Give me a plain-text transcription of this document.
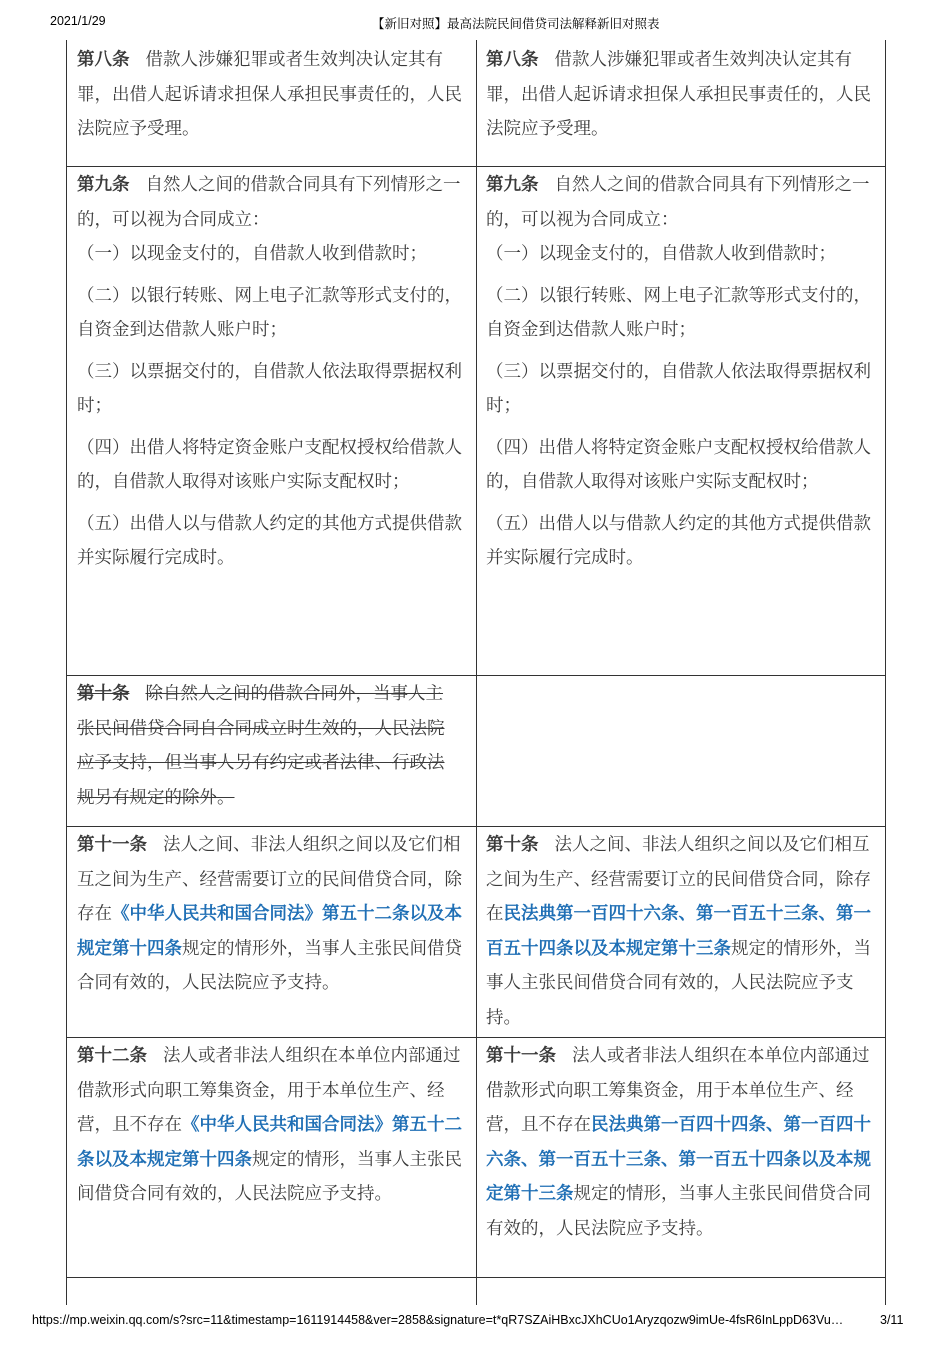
2021/1/29	【新旧对照】最高法院民间借贷司法解释新旧对照表

第八条 借款人涉嫌犯罪或者生效判决认定其有罪，出借人起诉请求担保人承担民事责任的，人民法院应予受理。

第八条 借款人涉嫌犯罪或者生效判决认定其有罪，出借人起诉请求担保人承担民事责任的，人民法院应予受理。

第九条 自然人之间的借款合同具有下列情形之一的，可以视为合同成立：

（一）以现金支付的，自借款人收到借款时；

（二）以银行转账、网上电子汇款等形式支付的，自资金到达借款人账户时；

（三）以票据交付的，自借款人依法取得票据权利时；

（四）出借人将特定资金账户支配权授权给借款人的，自借款人取得对该账户实际支配权时；

（五）出借人以与借款人约定的其他方式提供借款并实际履行完成时。

第九条 自然人之间的借款合同具有下列情形之一的，可以视为合同成立：

（一）以现金支付的，自借款人收到借款时；

（二）以银行转账、网上电子汇款等形式支付的，自资金到达借款人账户时；

（三）以票据交付的，自借款人依法取得票据权利时；

（四）出借人将特定资金账户支配权授权给借款人的，自借款人取得对该账户实际支配权时；

（五）出借人以与借款人约定的其他方式提供借款并实际履行完成时。

第十条 除自然人之间的借款合同外，当事人主张民间借贷合同自合同成立时生效的，人民法院应予支持，但当事人另有约定或者法律、行政法规另有规定的除外。

第十一条 法人之间、非法人组织之间以及它们相互之间为生产、经营需要订立的民间借贷合同，除存在《中华人民共和国合同法》第五十二条以及本规定第十四条规定的情形外，当事人主张民间借贷合同有效的，人民法院应予支持。

第十条 法人之间、非法人组织之间以及它们相互之间为生产、经营需要订立的民间借贷合同，除存在民法典第一百四十六条、第一百五十三条、第一百五十四条以及本规定第十三条规定的情形外，当事人主张民间借贷合同有效的，人民法院应予支持。

第十二条 法人或者非法人组织在本单位内部通过借款形式向职工筹集资金，用于本单位生产、经营，且不存在《中华人民共和国合同法》第五十二条以及本规定第十四条规定的情形，当事人主张民间借贷合同有效的，人民法院应予支持。

第十一条 法人或者非法人组织在本单位内部通过借款形式向职工筹集资金，用于本单位生产、经营，且不存在民法典第一百四十四条、第一百四十六条、第一百五十三条、第一百五十四条以及本规定第十三条规定的情形，当事人主张民间借贷合同有效的，人民法院应予支持。

https://mp.weixin.qq.com/s?src=11&timestamp=1611914458&ver=2858&signature=t*qR7SZAiHBxcJXhCUo1Aryzqozw9imUe-4fsR6InLppD63Vu…	3/11
